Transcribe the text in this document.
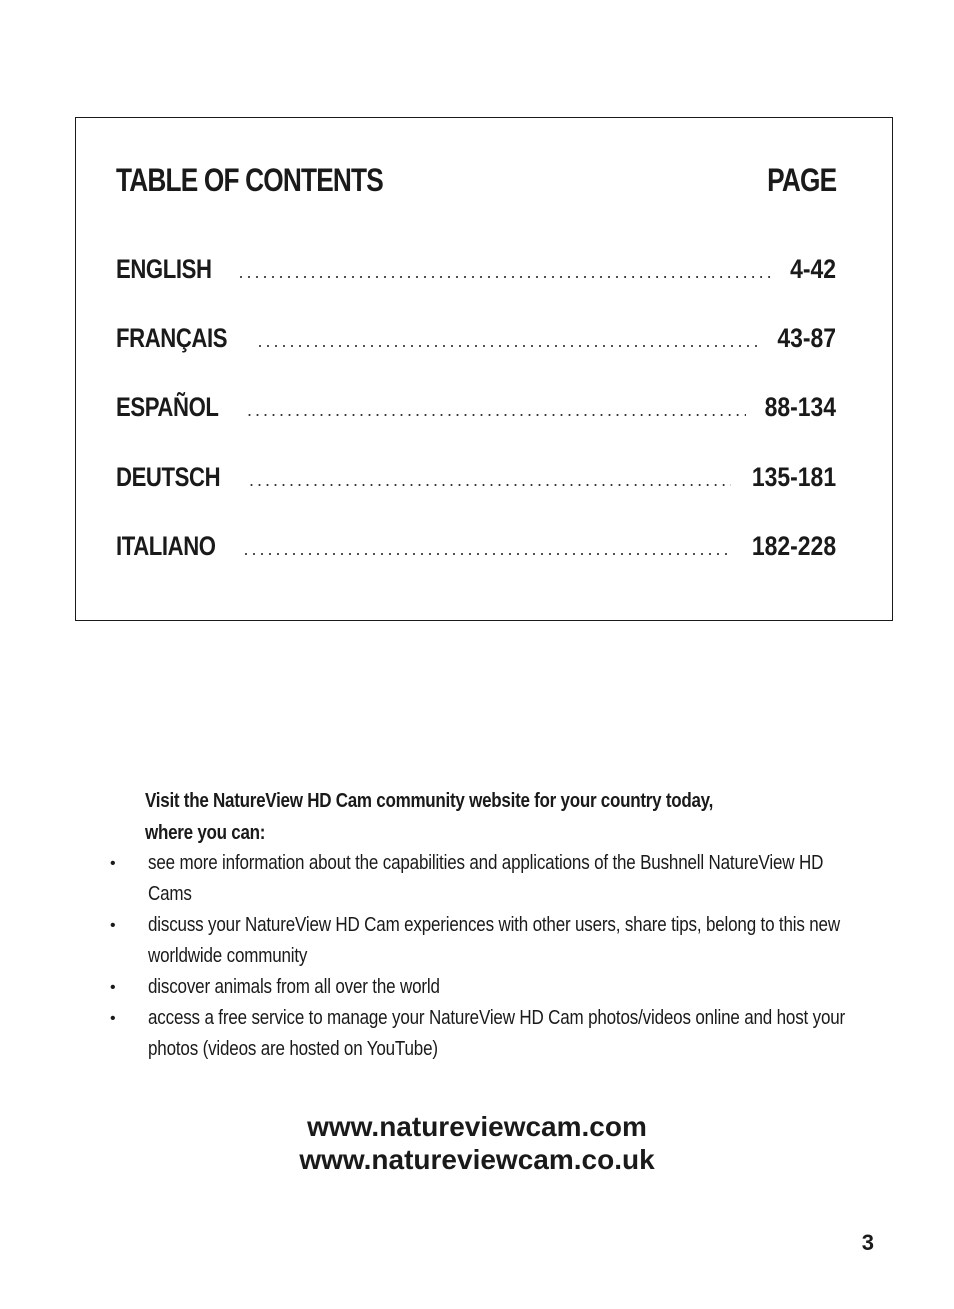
TABLE OF CONTENTS	PAGE
ENGLISH .....	4-42
FRANÇAIS .....	43-87
ESPAÑOL .....	88-134
DEUTSCH .....	135-181
ITALIANO .....	182-228
Visit the NatureView HD Cam community website for your country today,
where you can:
• see more information about the capabilities and applications of the Bushnell NatureView HD Cams
• discuss your NatureView HD Cam experiences with other users, share tips, belong to this new worldwide community
• discover animals from all over the world
• access a free service to manage your NatureView HD Cam photos/videos online and host your photos (videos are hosted on YouTube)
www.natureviewcam.com
www.natureviewcam.co.uk
3
